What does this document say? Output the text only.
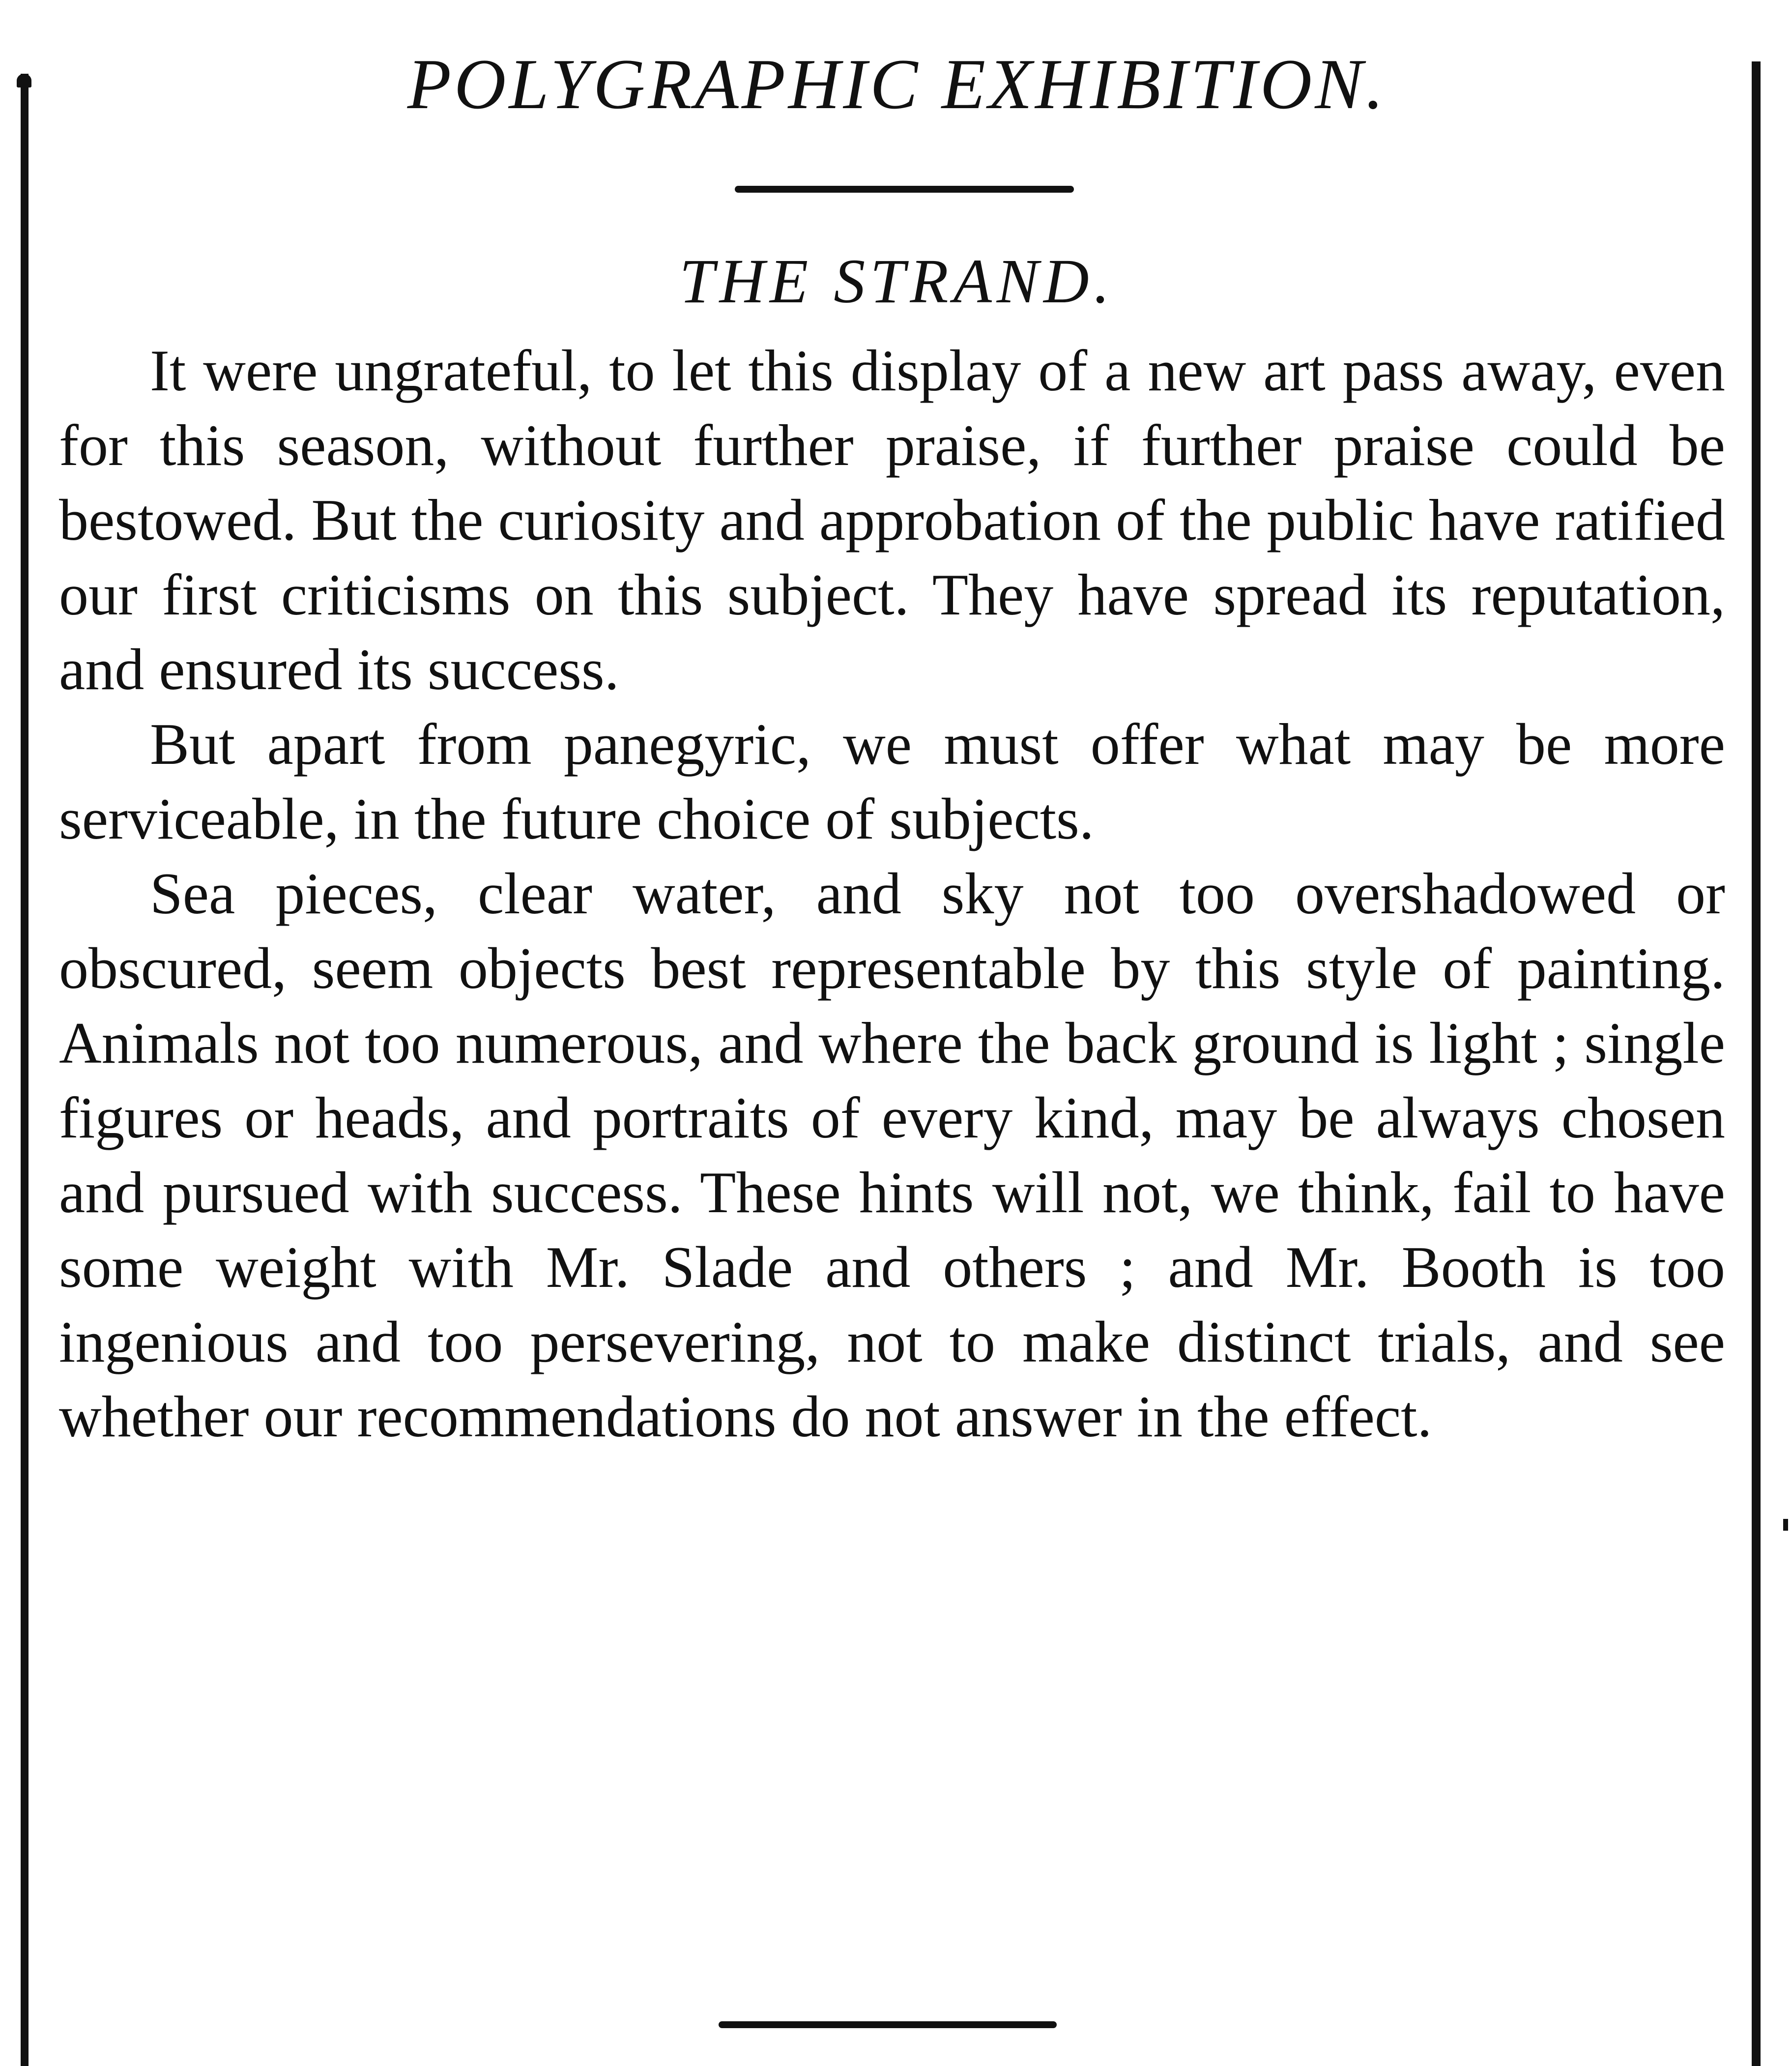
POLYGRAPHIC EXHIBITION.
THE STRAND.

It were ungrateful, to let this display of a new art pass away, even for this season, without further praise, if further praise could be bestowed. But the curiosity and approbation of the public have ratified our first criticisms on this subject. They have spread its reputation, and ensured its success.

But apart from panegyric, we must offer what may be more serviceable, in the future choice of subjects.

Sea pieces, clear water, and sky not too overshadowed or obscured, seem objects best representable by this style of painting. Animals not too numerous, and where the back ground is light ; single figures or heads, and portraits of every kind, may be always chosen and pursued with success. These hints will not, we think, fail to have some weight with Mr. Slade and others ; and Mr. Booth is too ingenious and too persevering, not to make distinct trials, and see whether our recommendations do not answer in the effect.
